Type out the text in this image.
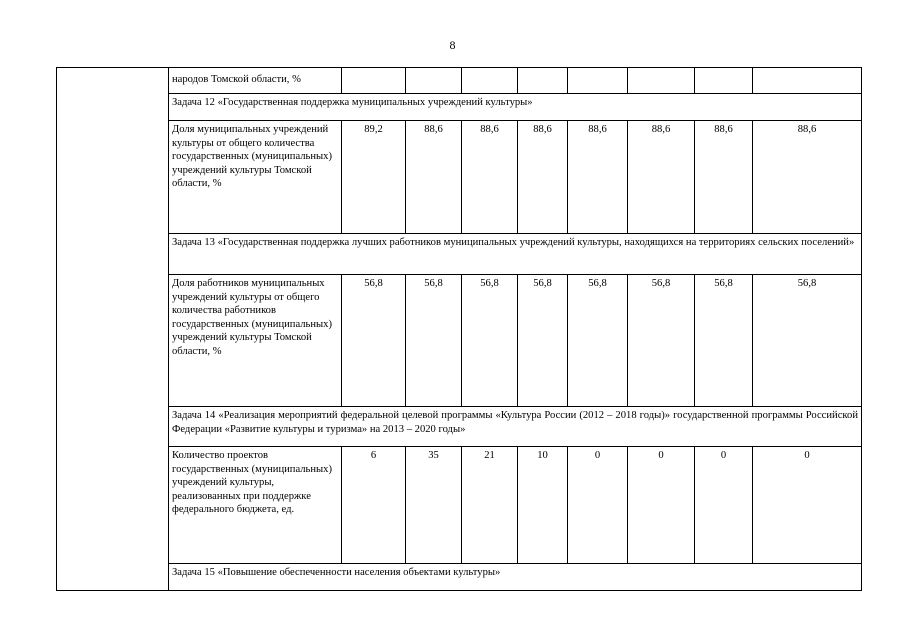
8
	народов Томской области, %								
	Задача 12 «Государственная поддержка муниципальных учреждений культуры»								
	Доля муниципальных учреждений культуры от общего количества государственных (муниципальных) учреждений культуры Томской области, %	89,2	88,6	88,6	88,6	88,6	88,6	88,6	88,6
	Задача 13 «Государственная поддержка лучших работников муниципальных учреждений культуры, находящихся на территориях сельских поселений»								
	Доля работников муниципальных учреждений культуры от общего количества работников государственных (муниципальных) учреждений культуры Томской области, %	56,8	56,8	56,8	56,8	56,8	56,8	56,8	56,8
	Задача 14 «Реализация мероприятий федеральной целевой программы «Культура России (2012 – 2018 годы)» государственной программы Российской Федерации «Развитие культуры и туризма» на 2013 – 2020 годы»								
	Количество проектов государственных (муниципальных) учреждений культуры, реализованных при поддержке федерального бюджета, ед.	6	35	21	10	0	0	0	0
	Задача 15 «Повышение обеспеченности населения объектами культуры»								
